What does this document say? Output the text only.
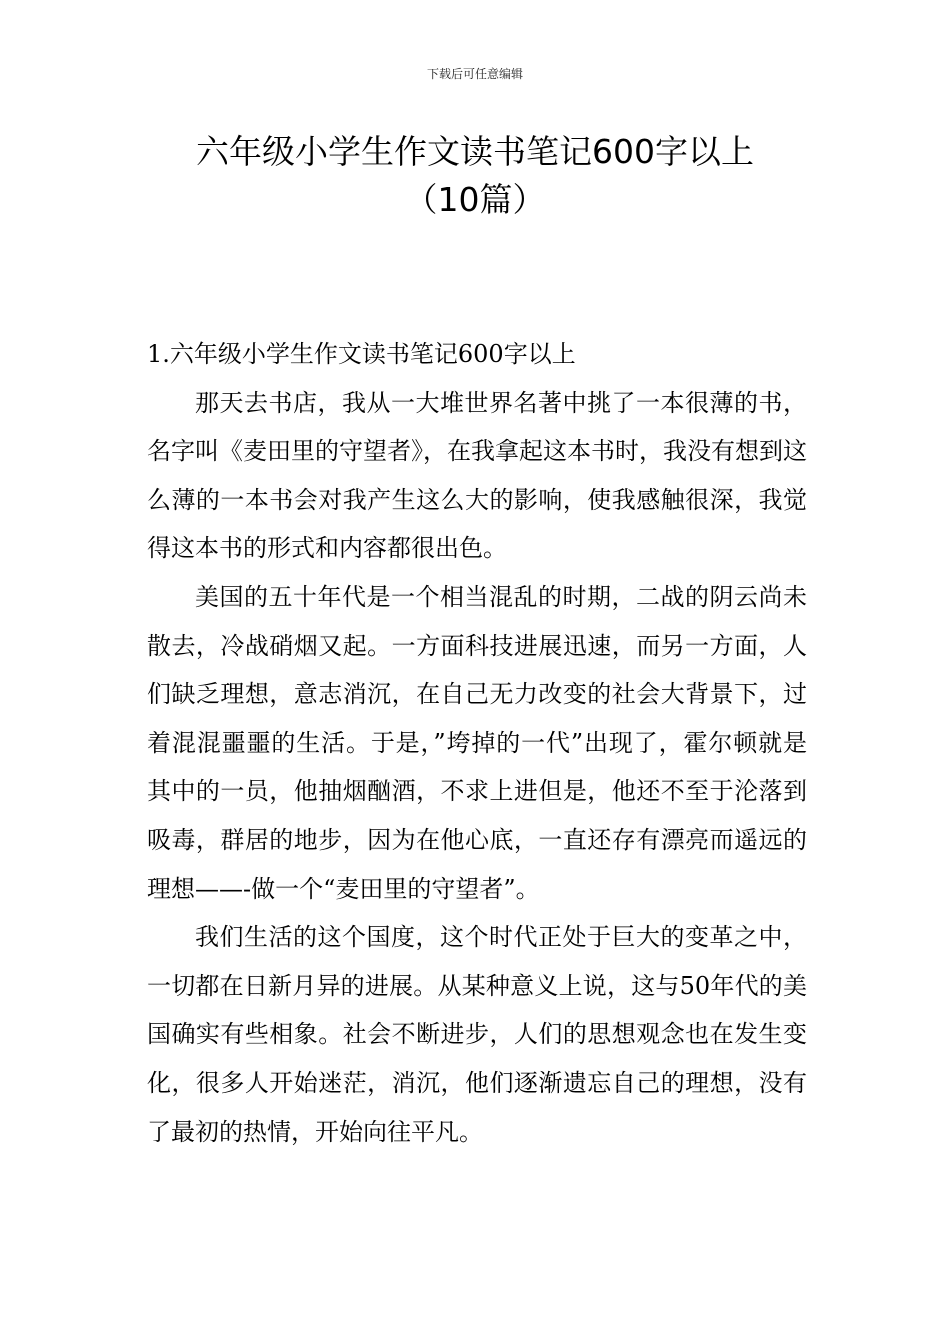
下载后可任意编辑
六年级小学生作文读书笔记600字以上
（10篇）

1.六年级小学生作文读书笔记600字以上

那天去书店，我从一大堆世界名著中挑了一本很薄的书，名字叫《麦田里的守望者》，在我拿起这本书时，我没有想到这么薄的一本书会对我产生这么大的影响，使我感触很深，我觉得这本书的形式和内容都很出色。

美国的五十年代是一个相当混乱的时期，二战的阴云尚未散去，冷战硝烟又起。一方面科技进展迅速，而另一方面，人们缺乏理想，意志消沉，在自己无力改变的社会大背景下，过着混混噩噩的生活。于是，”垮掉的一代”出现了，霍尔顿就是其中的一员，他抽烟酗酒，不求上进但是，他还不至于沦落到吸毒，群居的地步，因为在他心底，一直还存有漂亮而遥远的理想——-做一个“麦田里的守望者”。

我们生活的这个国度，这个时代正处于巨大的变革之中，一切都在日新月异的进展。从某种意义上说，这与50年代的美国确实有些相象。社会不断进步，人们的思想观念也在发生变化，很多人开始迷茫，消沉，他们逐渐遗忘自己的理想，没有了最初的热情，开始向往平凡。
